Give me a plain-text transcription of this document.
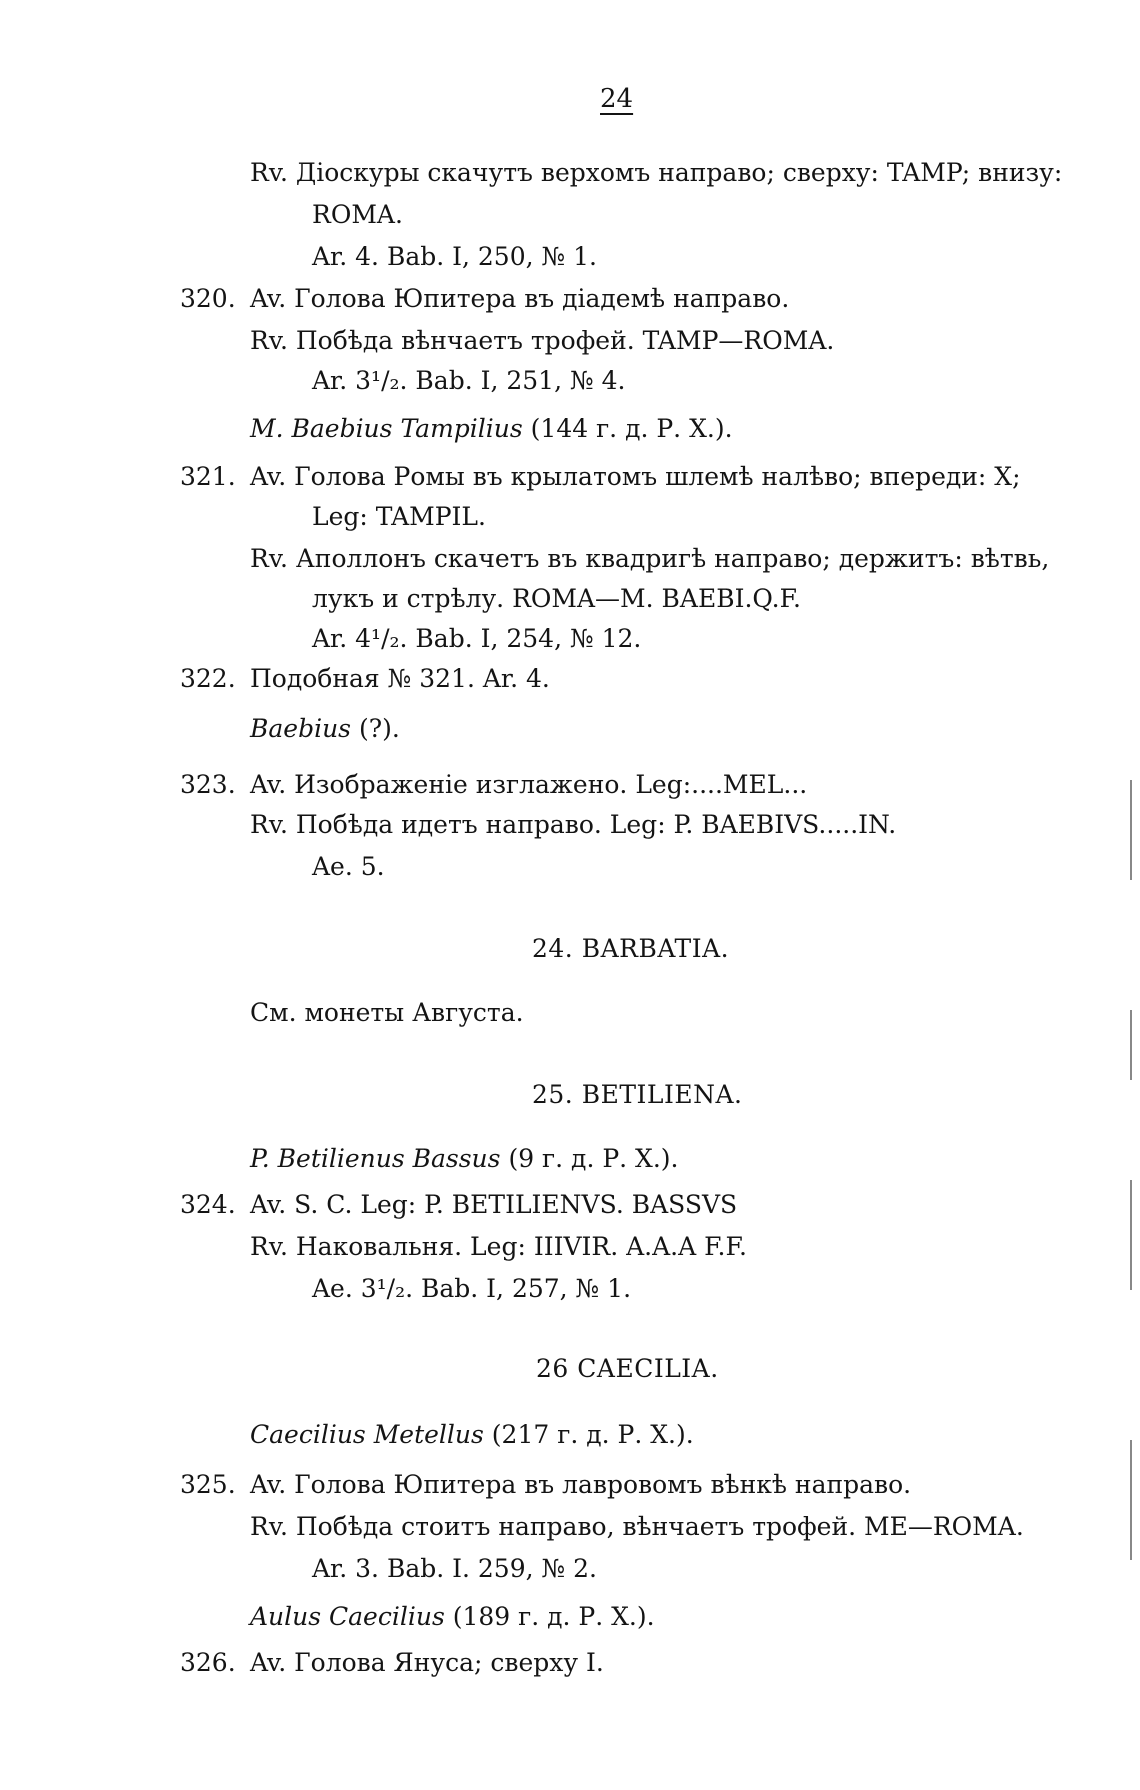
24
Rv. Діоскуры скачутъ верхомъ направо; сверху: TAMP; внизу:
ROMA.
Ar. 4. Bab. I, 250, № 1.
320. Av. Голова Юпитера въ діадемѣ направо.
Rv. Побѣда вѣнчаетъ трофей. TAMP—ROMA.
Ar. 3¹/₂. Bab. I, 251, № 4.
M. Baebius Tampilius (144 г. д. Р. Х.).
321. Av. Голова Ромы въ крылатомъ шлемѣ налѣво; впереди: X;
Leg: TAMPIL.
Rv. Аполлонъ скачетъ въ квадригѣ направо; держитъ: вѣтвь,
лукъ и стрѣлу. ROMA—M. BAEBI.Q.F.
Ar. 4¹/₂. Bab. I, 254, № 12.
322. Подобная № 321. Ar. 4.
Baebius (?).
323. Av. Изображеніе изглажено. Leg:....MEL...
Rv. Побѣда идетъ направо. Leg: P. BAEBIVS.....IN.
Ae. 5.
24. BARBATIA.
См. монеты Августа.
25. BETILIENA.
P. Betilienus Bassus (9 г. д. Р. Х.).
324. Av. S. C. Leg: P. BETILIENVS. BASSVS
Rv. Наковальня. Leg: IIIVIR. A.A.A F.F.
Ae. 3¹/₂. Bab. I, 257, № 1.
26 CAECILIA.
Caecilius Metellus (217 г. д. Р. Х.).
325. Av. Голова Юпитера въ лавровомъ вѣнкѣ направо.
Rv. Побѣда стоитъ направо, вѣнчаетъ трофей. ME—ROMA.
Ar. 3. Bab. I. 259, № 2.
Aulus Caecilius (189 г. д. Р. Х.).
326. Av. Голова Януса; сверху I.
